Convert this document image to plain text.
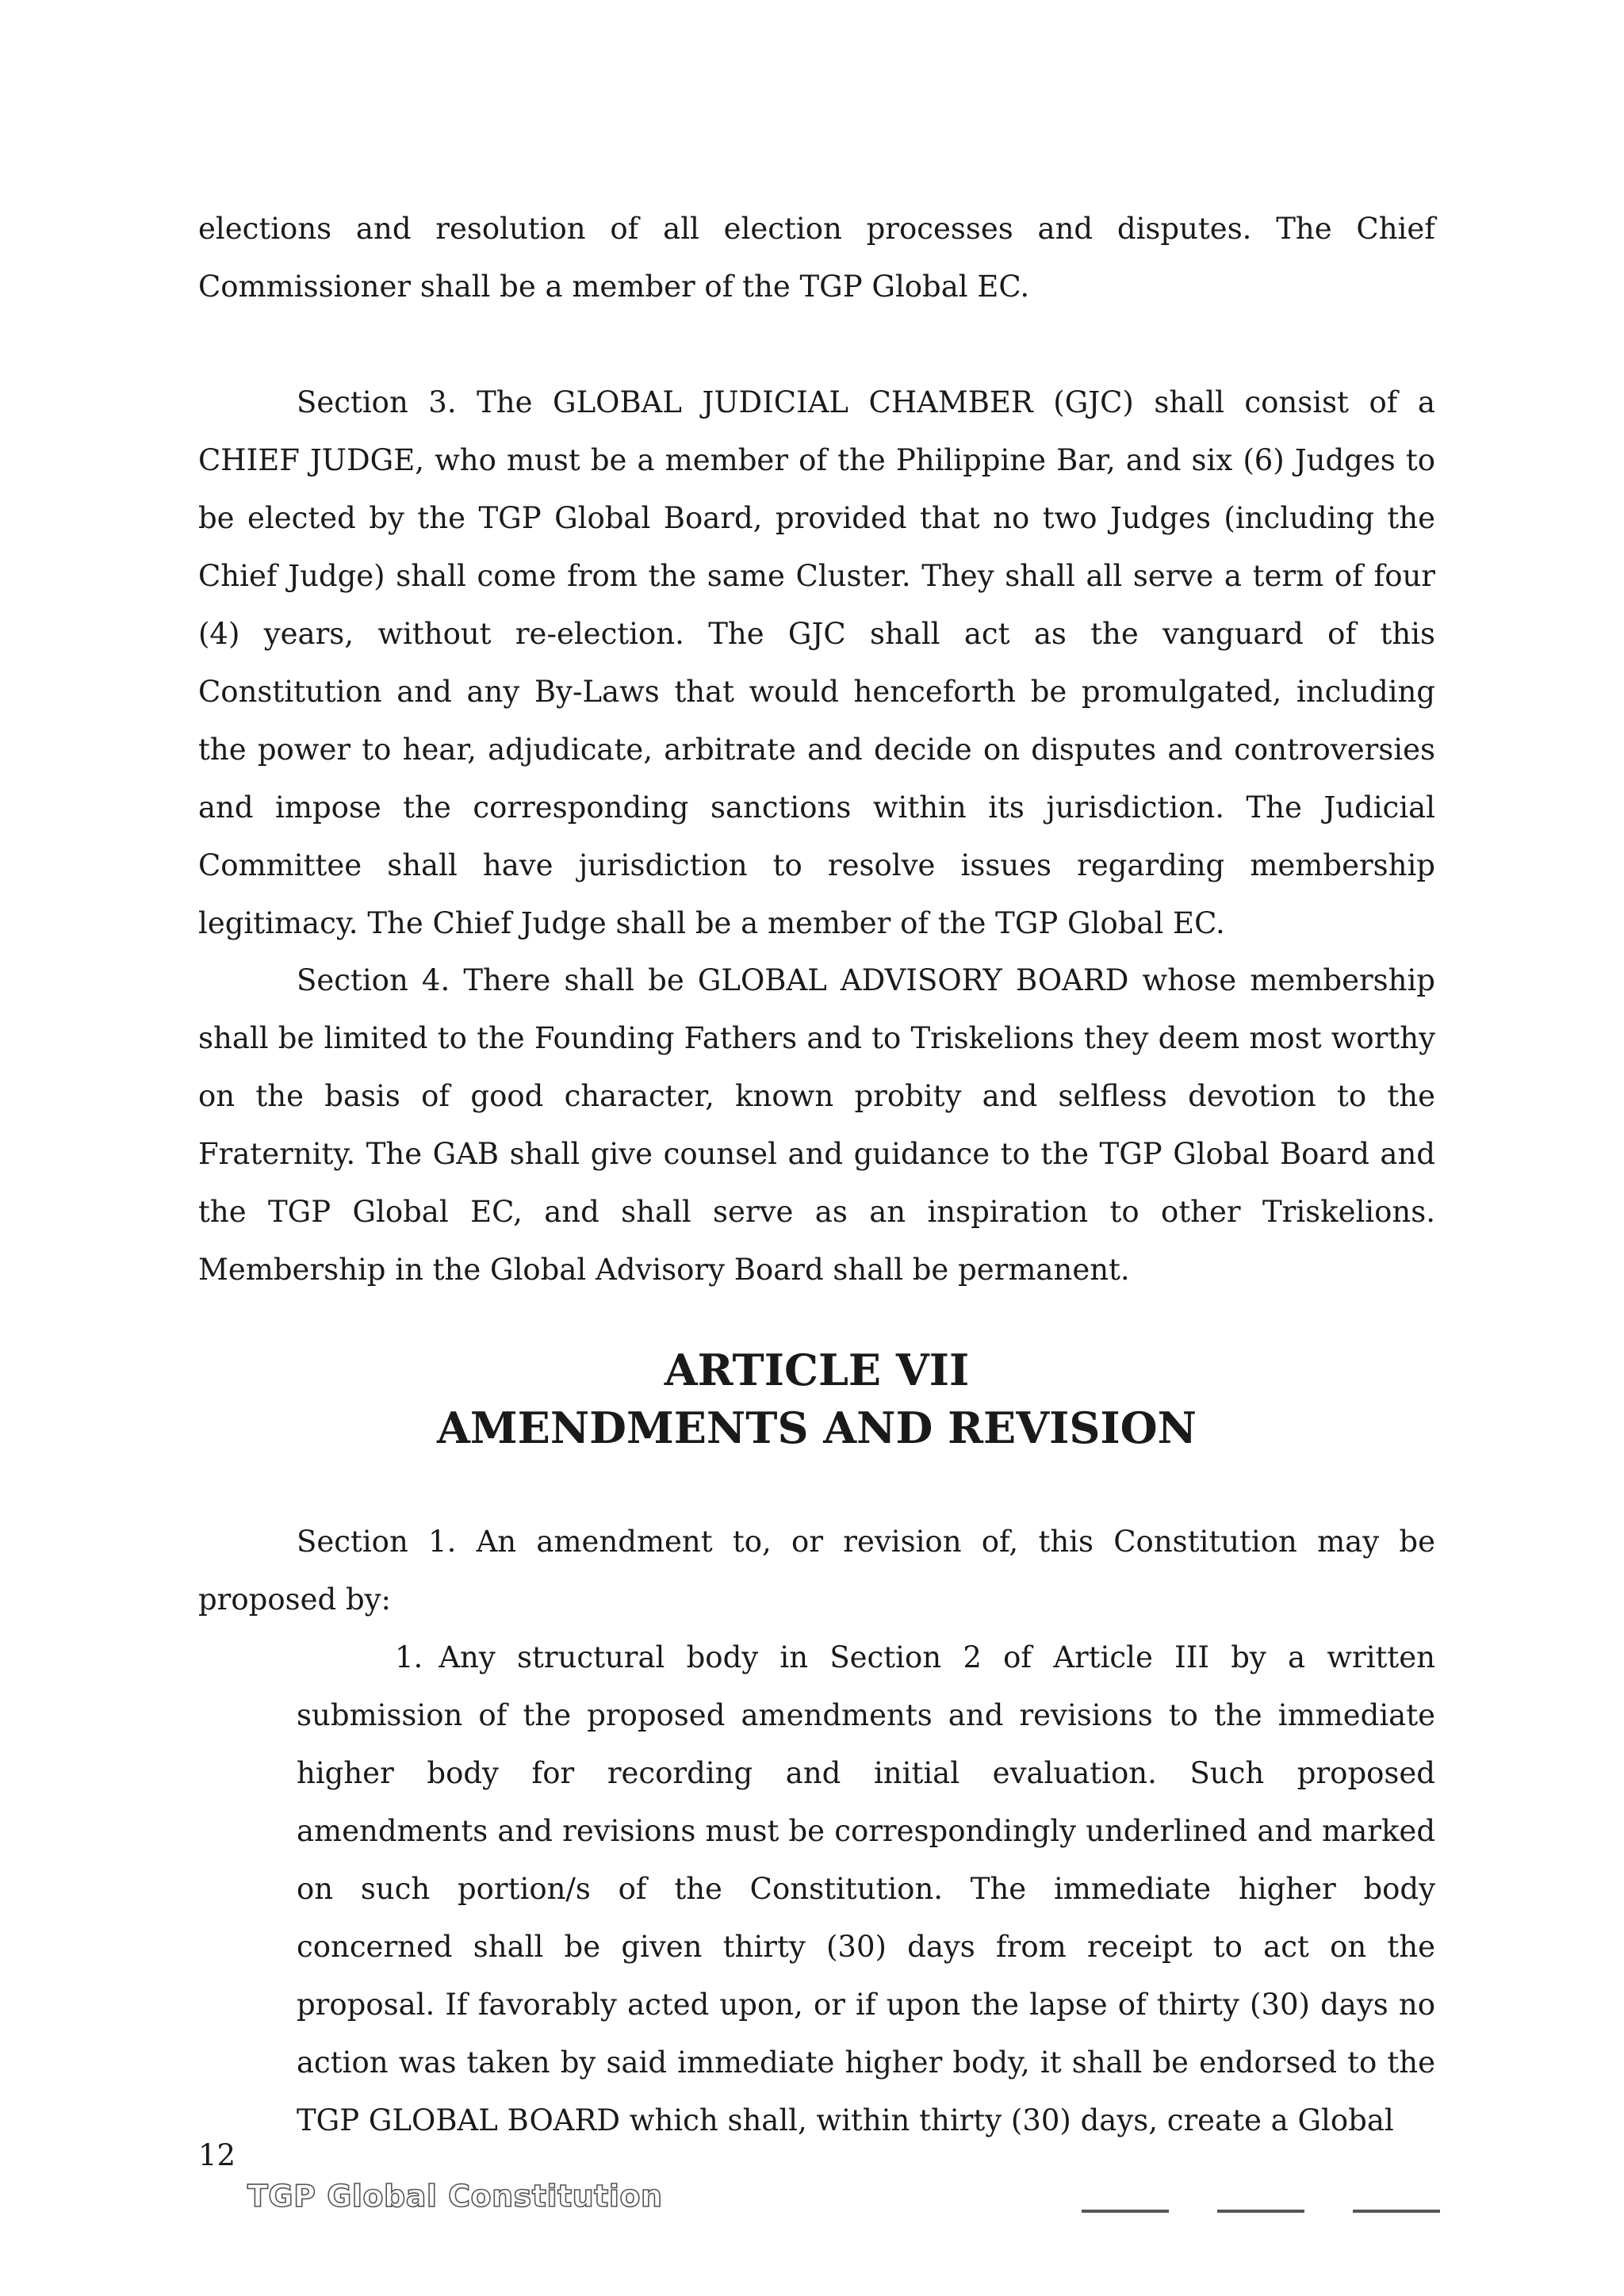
elections and resolution of all election processes and disputes. The Chief Commissioner shall be a member of the TGP Global EC.

Section 3. The GLOBAL JUDICIAL CHAMBER (GJC) shall consist of a CHIEF JUDGE, who must be a member of the Philippine Bar, and six (6) Judges to be elected by the TGP Global Board, provided that no two Judges (including the Chief Judge) shall come from the same Cluster. They shall all serve a term of four (4) years, without re-election. The GJC shall act as the vanguard of this Constitution and any By-Laws that would henceforth be promulgated, including the power to hear, adjudicate, arbitrate and decide on disputes and controversies and impose the corresponding sanctions within its jurisdiction. The Judicial Committee shall have jurisdiction to resolve issues regarding membership legitimacy. The Chief Judge shall be a member of the TGP Global EC.

Section 4. There shall be GLOBAL ADVISORY BOARD whose membership shall be limited to the Founding Fathers and to Triskelions they deem most worthy on the basis of good character, known probity and selfless devotion to the Fraternity. The GAB shall give counsel and guidance to the TGP Global Board and the TGP Global EC, and shall serve as an inspiration to other Triskelions. Membership in the Global Advisory Board shall be permanent.

ARTICLE VII
AMENDMENTS AND REVISION

Section 1. An amendment to, or revision of, this Constitution may be proposed by:

1. Any structural body in Section 2 of Article III by a written submission of the proposed amendments and revisions to the immediate higher body for recording and initial evaluation. Such proposed amendments and revisions must be correspondingly underlined and marked on such portion/s of the Constitution. The immediate higher body concerned shall be given thirty (30) days from receipt to act on the proposal. If favorably acted upon, or if upon the lapse of thirty (30) days no action was taken by said immediate higher body, it shall be endorsed to the TGP GLOBAL BOARD which shall, within thirty (30) days, create a Global

12
TGP Global Constitution
